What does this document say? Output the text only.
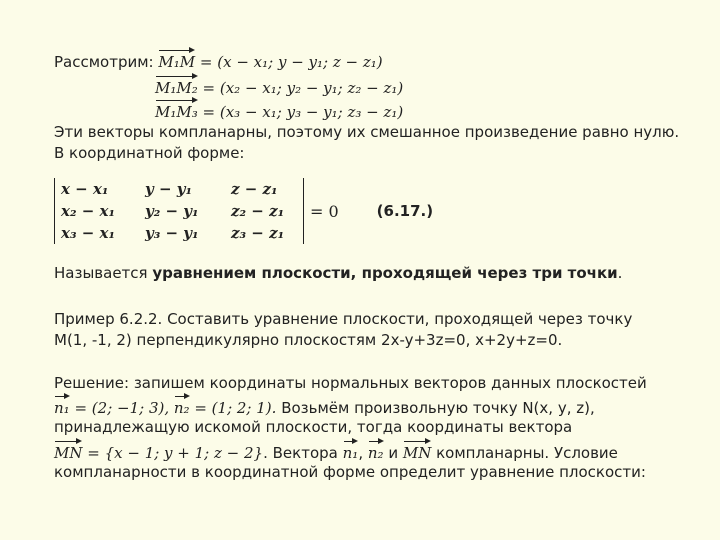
Рассмотрим: M₁M = (x − x₁; y − y₁; z − z₁)
M₁M₂ = (x₂ − x₁; y₂ − y₁; z₂ − z₁)
M₁M₃ = (x₃ − x₁; y₃ − y₁; z₃ − z₁)
Эти векторы компланарны, поэтому их смешанное произведение равно нулю.
В координатной форме:
x − x₁	y − y₁	z − z₁
x₂ − x₁	y₂ − y₁	z₂ − z₁
x₃ − x₁	y₃ − y₁	z₃ − z₁
= 0	(6.17.)
Называется уравнением плоскости, проходящей через три точки.
Пример 6.2.2. Составить уравнение плоскости, проходящей через точку
M(1, -1, 2) перпендикулярно плоскостям 2x-y+3z=0, x+2y+z=0.
Решение: запишем координаты нормальных векторов данных плоскостей
n₁ = (2; −1; 3), n₂ = (1; 2; 1). Возьмём произвольную точку N(x, y, z),
принадлежащую искомой плоскости, тогда координаты вектора
MN = {x − 1; y + 1; z − 2}. Вектора n₁, n₂ и MN компланарны. Условие
компланарности в координатной форме определит уравнение плоскости:
